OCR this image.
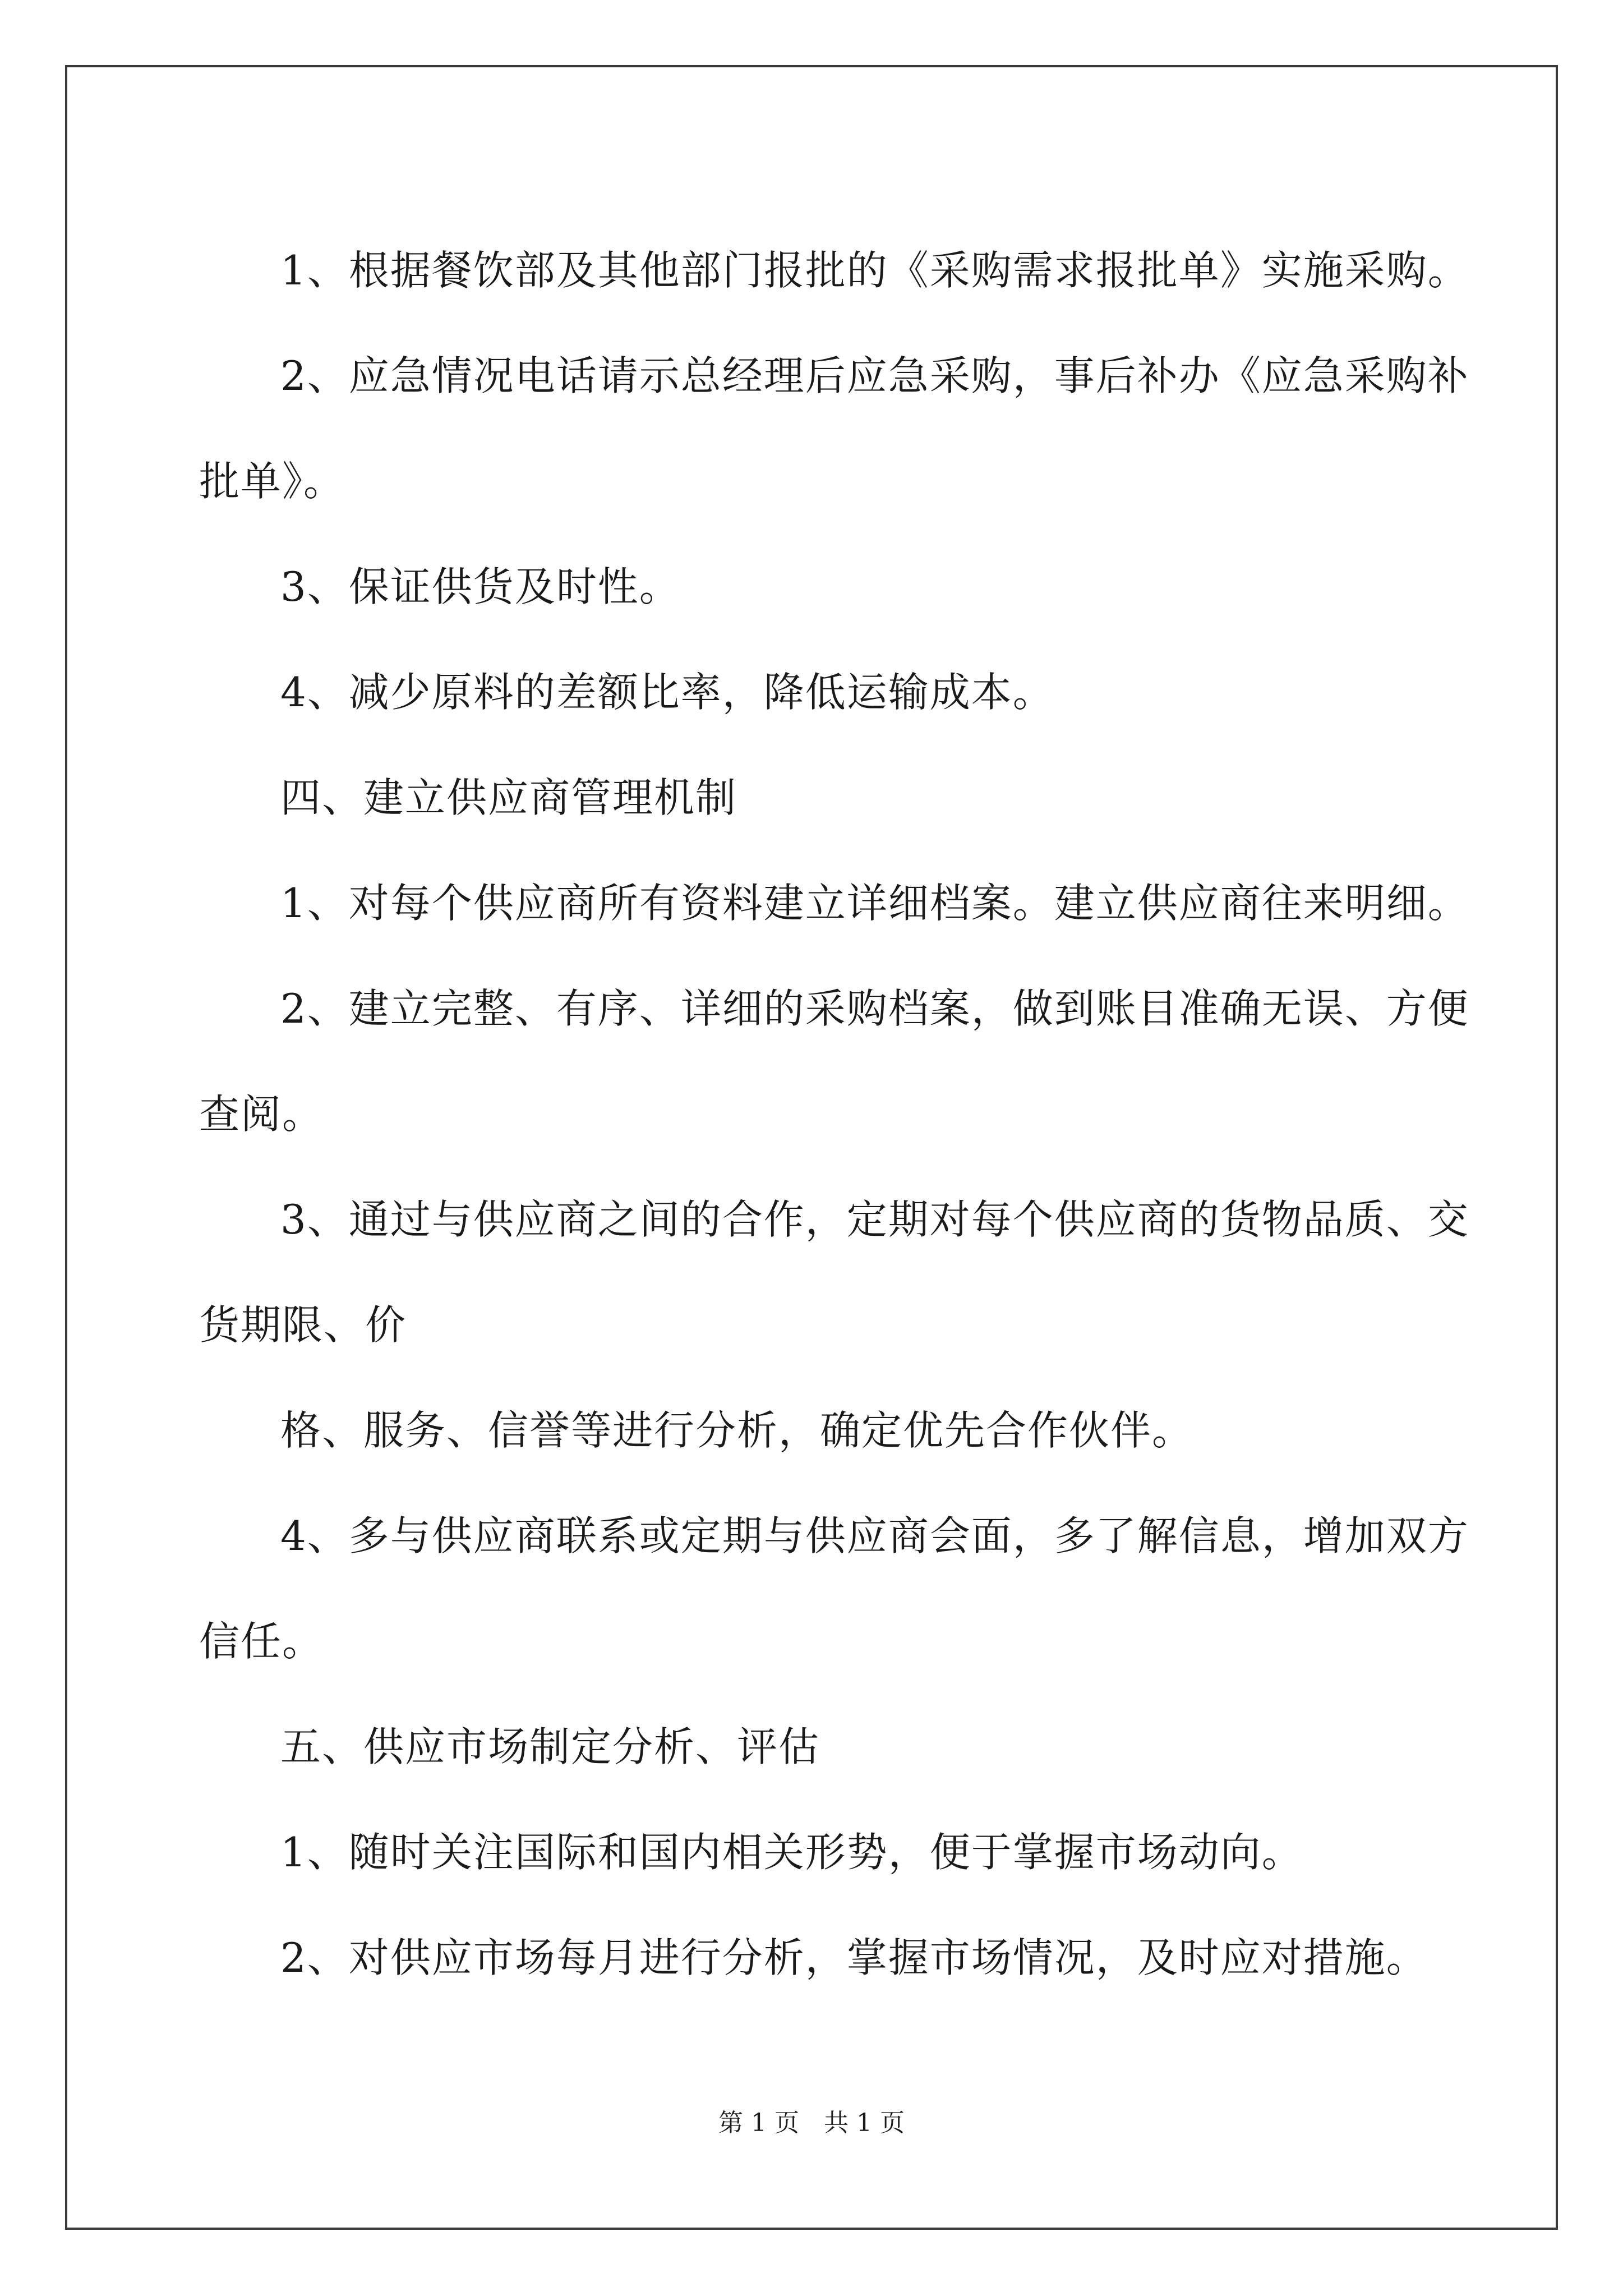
1、根据餐饮部及其他部门报批的《采购需求报批单》实施采购。

2、应急情况电话请示总经理后应急采购，事后补办《应急采购补

批单》。

3、保证供货及时性。

4、减少原料的差额比率，降低运输成本。

四、建立供应商管理机制

1、对每个供应商所有资料建立详细档案。建立供应商往来明细。

2、建立完整、有序、详细的采购档案，做到账目准确无误、方便

查阅。

3、通过与供应商之间的合作，定期对每个供应商的货物品质、交

货期限、价

格、服务、信誉等进行分析，确定优先合作伙伴。

4、多与供应商联系或定期与供应商会面，多了解信息，增加双方

信任。

五、供应市场制定分析、评估

1、随时关注国际和国内相关形势，便于掌握市场动向。

2、对供应市场每月进行分析，掌握市场情况，及时应对措施。

第 1 页　共 1 页
